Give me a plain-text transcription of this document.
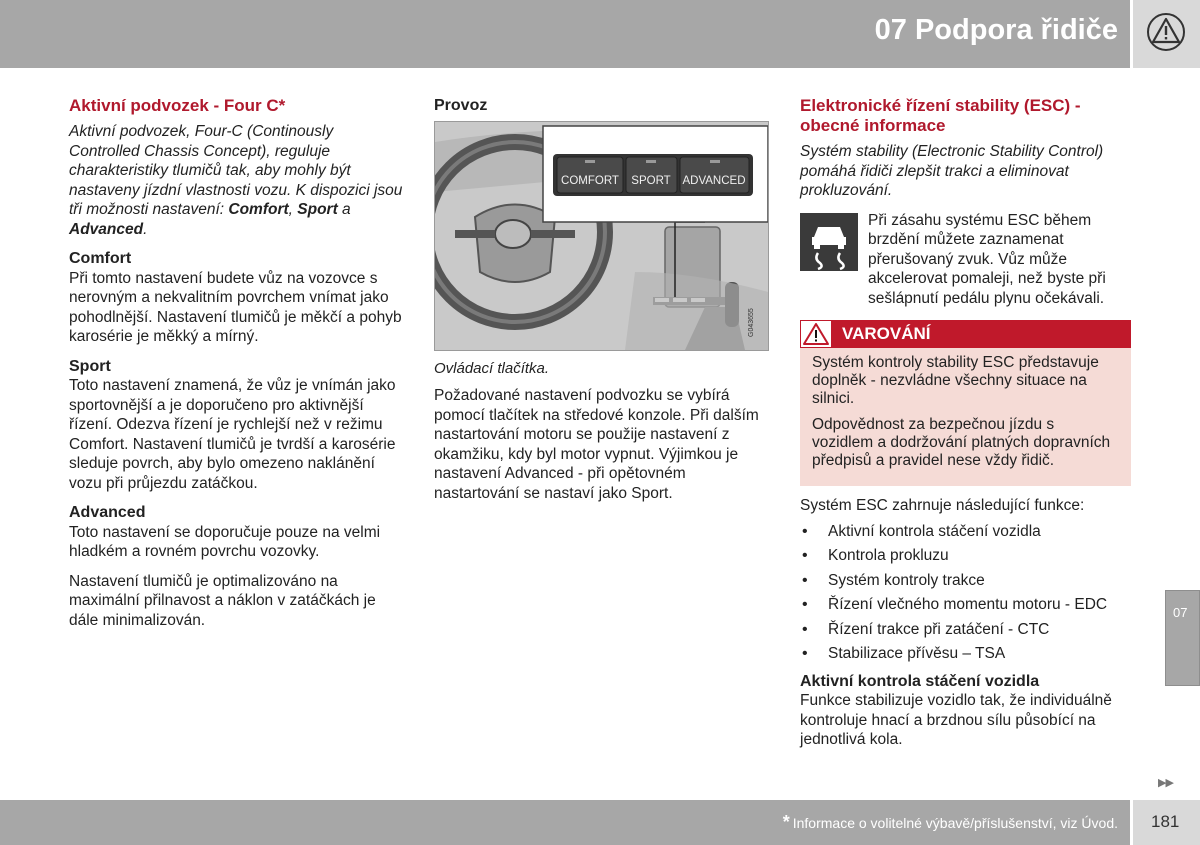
07 Podpora řidiče
Aktivní podvozek - Four C*

Aktivní podvozek, Four-C (Continously Controlled Chassis Concept), reguluje charakteristiky tlumičů tak, aby mohly být nastaveny jízdní vlastnosti vozu. K dispozici jsou tři možnosti nastavení: Comfort, Sport a Advanced.

Comfort

Při tomto nastavení budete vůz na vozovce s nerovným a nekvalitním povrchem vnímat jako pohodlnější. Nastavení tlumičů je měkčí a pohyb karosérie je měkký a mírný.

Sport

Toto nastavení znamená, že vůz je vnímán jako sportovnější a je doporučeno pro aktivnější řízení. Odezva řízení je rychlejší než v režimu Comfort. Nastavení tlumičů je tvrdší a karosérie sleduje povrch, aby bylo omezeno naklánění vozu při průjezdu zatáčkou.

Advanced

Toto nastavení se doporučuje pouze na velmi hladkém a rovném povrchu vozovky.

Nastavení tlumičů je optimalizováno na maximální přilnavost a náklon v zatáčkách je dále minimalizován.

Provoz
COMFORT SPORT ADVANCED
G043655
Ovládací tlačítka.

Požadované nastavení podvozku se vybírá pomocí tlačítek na středové konzole. Při dalším nastartování motoru se použije nastavení z okamžiku, kdy byl motor vypnut. Výjimkou je nastavení Advanced - při opětovném nastartování se nastaví jako Sport.

Elektronické řízení stability (ESC) - obecné informace

Systém stability (Electronic Stability Control) pomáhá řidiči zlepšit trakci a eliminovat prokluzování.

Při zásahu systému ESC během brzdění můžete zaznamenat přerušovaný zvuk. Vůz může akcelerovat pomaleji, než byste při sešlápnutí pedálu plynu očekávali.
VAROVÁNÍ

Systém kontroly stability ESC představuje doplněk - nezvládne všechny situace na silnici.

Odpovědnost za bezpečnou jízdu s vozidlem a dodržování platných dopravních předpisů a pravidel nese vždy řidič.

Systém ESC zahrnuje následující funkce:

• Aktivní kontrola stáčení vozidla
• Kontrola prokluzu
• Systém kontroly trakce
• Řízení vlečného momentu motoru - EDC
• Řízení trakce při zatáčení - CTC
• Stabilizace přívěsu – TSA
Aktivní kontrola stáčení vozidla

Funkce stabilizuje vozidlo tak, že individuálně kontroluje hnací a brzdnou sílu působící na jednotlivá kola.

07
▶▶
* Informace o volitelné výbavě/příslušenství, viz Úvod. 181
